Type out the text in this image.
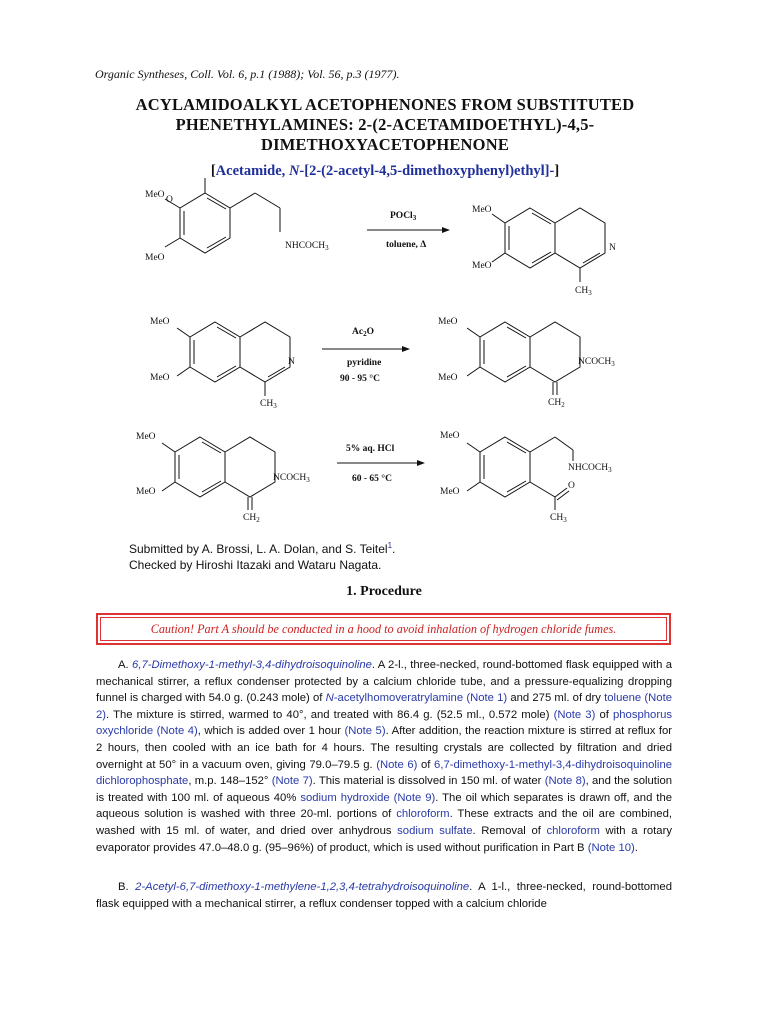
Organic Syntheses, Coll. Vol. 6, p.1 (1988); Vol. 56, p.3 (1977).
ACYLAMIDOALKYL ACETOPHENONES FROM SUBSTITUTED
PHENETHYLAMINES: 2-(2-ACETAMIDOETHYL)-4,5-
DIMETHOXYACETOPHENONE
[Acetamide, N-[2-(2-acetyl-4,5-dimethoxyphenyl)ethyl]-]
MeO
MeO
O
$NHCOCH_3$
POCl$_3$
toluene, Δ
MeO
MeO
N
$CH_3$
MeO
MeO
N
$CH_3$
$Ac_2O$
pyridine
90 - 95 °C
MeO
MeO
$NCOCH_3$
$CH_2$
MeO
MeO
$NCOCH_3$
$CH_2$
5% aq. HCl
60 - 65 °C
MeO
MeO
$NHCOCH_3$
O
$CH_3$
Submitted by A. Brossi, L. A. Dolan, and S. Teitel$^1$.
Checked by Hiroshi Itazaki and Wataru Nagata.
1. Procedure
Caution! Part A should be conducted in a hood to avoid inhalation of hydrogen chloride fumes.
A. 6,7-Dimethoxy-1-methyl-3,4-dihydroisoquinoline. A 2-l., three-necked, round-bottomed flask equipped with a mechanical stirrer, a reflux condenser protected by a calcium chloride tube, and a pressure-equalizing dropping funnel is charged with 54.0 g. (0.243 mole) of N-acetylhomoveratrylamine (Note 1) and 275 ml. of dry toluene (Note 2). The mixture is stirred, warmed to 40°, and treated with 86.4 g. (52.5 ml., 0.572 mole) (Note 3) of phosphorus oxychloride (Note 4), which is added over 1 hour (Note 5). After addition, the reaction mixture is stirred at reflux for 2 hours, then cooled with an ice bath for 4 hours. The resulting crystals are collected by filtration and dried overnight at 50° in a vacuum oven, giving 79.0–79.5 g. (Note 6) of 6,7-dimethoxy-1-methyl-3,4-dihydroisoquinoline dichlorophosphate, m.p. 148–152° (Note 7). This material is dissolved in 150 ml. of water (Note 8), and the solution is treated with 100 ml. of aqueous 40% sodium hydroxide (Note 9). The oil which separates is drawn off, and the aqueous solution is washed with three 20-ml. portions of chloroform. These extracts and the oil are combined, washed with 15 ml. of water, and dried over anhydrous sodium sulfate. Removal of chloroform with a rotary evaporator provides 47.0–48.0 g. (95–96%) of product, which is used without purification in Part B (Note 10).
B. 2-Acetyl-6,7-dimethoxy-1-methylene-1,2,3,4-tetrahydroisoquinoline. A 1-l., three-necked, round-bottomed flask equipped with a mechanical stirrer, a reflux condenser topped with a calcium chloride
